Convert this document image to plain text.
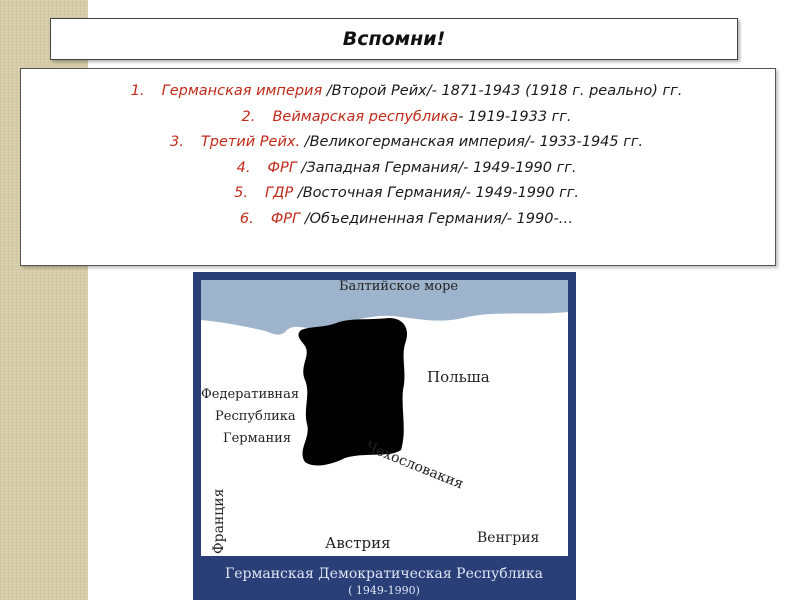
Вспомни!
1. Германская империя /Второй Рейх/- 1871-1943 (1918 г. реально) гг.
2. Веймарская республика- 1919-1933 гг.
3. Третий Рейх. /Великогерманская империя/- 1933-1945 гг.
4. ФРГ /Западная Германия/- 1949-1990 гг.
5. ГДР /Восточная Германия/- 1949-1990 гг.
6. ФРГ /Объединенная Германия/- 1990-…
Балтийское море
Польша
Федеративная
Республика
Германия
Чехословакия
Франция	Австрия	Венгрия
Германская Демократическая Республика
( 1949-1990)
